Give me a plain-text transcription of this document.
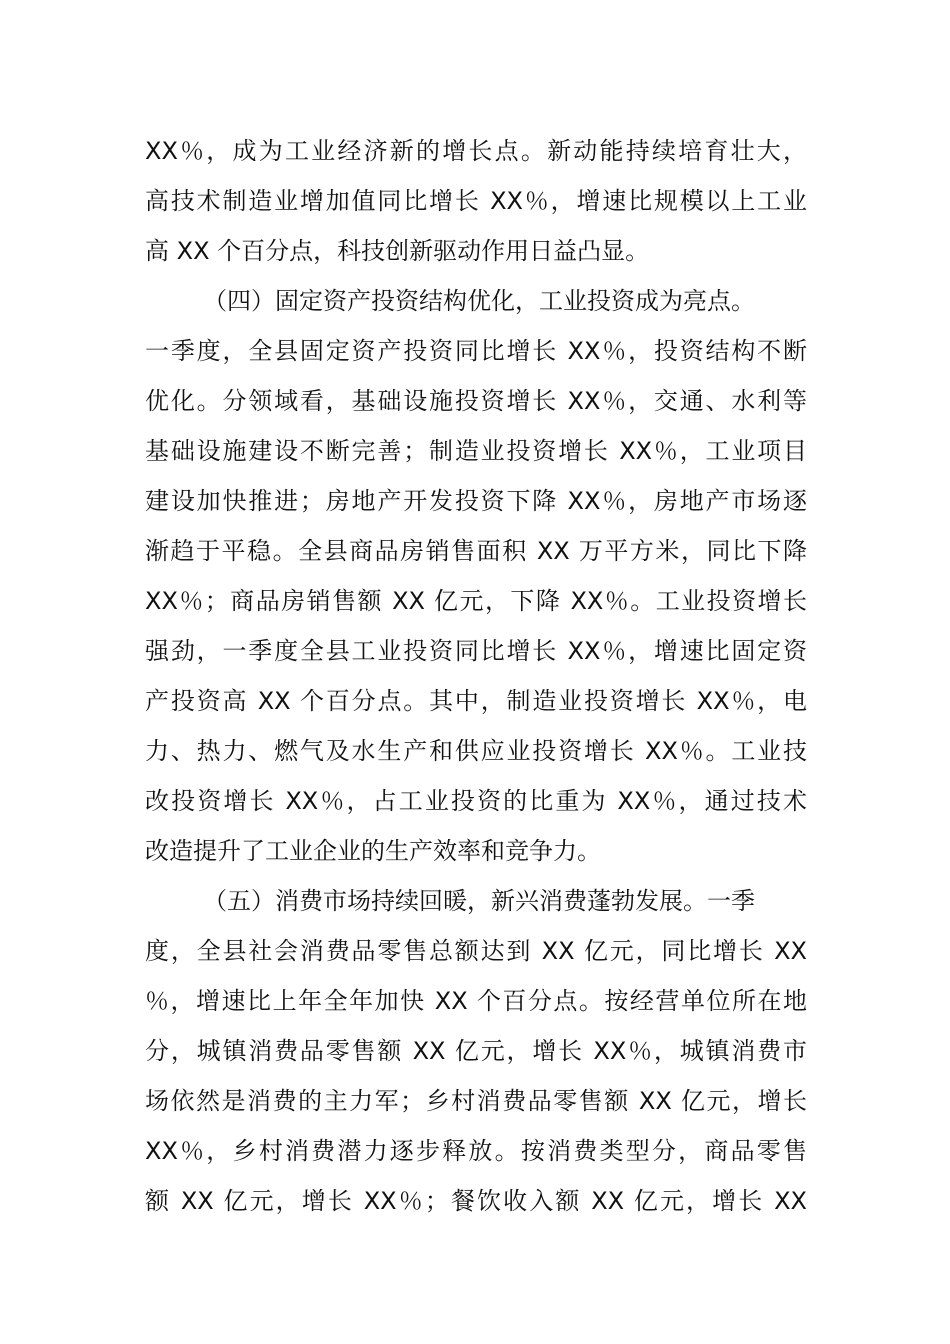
XX％，成为工业经济新的增长点。新动能持续培育壮大，
高技术制造业增加值同比增长 XX％，增速比规模以上工业
高 XX 个百分点，科技创新驱动作用日益凸显。
（四）固定资产投资结构优化，工业投资成为亮点。
一季度，全县固定资产投资同比增长 XX％，投资结构不断
优化。分领域看，基础设施投资增长 XX％，交通、水利等
基础设施建设不断完善；制造业投资增长 XX％，工业项目
建设加快推进；房地产开发投资下降 XX％，房地产市场逐
渐趋于平稳。全县商品房销售面积 XX 万平方米，同比下降
XX％；商品房销售额 XX 亿元，下降 XX％。工业投资增长
强劲，一季度全县工业投资同比增长 XX％，增速比固定资
产投资高 XX 个百分点。其中，制造业投资增长 XX％，电
力、热力、燃气及水生产和供应业投资增长 XX％。工业技
改投资增长 XX％，占工业投资的比重为 XX％，通过技术
改造提升了工业企业的生产效率和竞争力。
（五）消费市场持续回暖，新兴消费蓬勃发展。一季
度，全县社会消费品零售总额达到 XX 亿元，同比增长 XX
％，增速比上年全年加快 XX 个百分点。按经营单位所在地
分，城镇消费品零售额 XX 亿元，增长 XX％，城镇消费市
场依然是消费的主力军；乡村消费品零售额 XX 亿元，增长
XX％，乡村消费潜力逐步释放。按消费类型分，商品零售
额 XX 亿元，增长 XX％；餐饮收入额 XX 亿元，增长 XX
